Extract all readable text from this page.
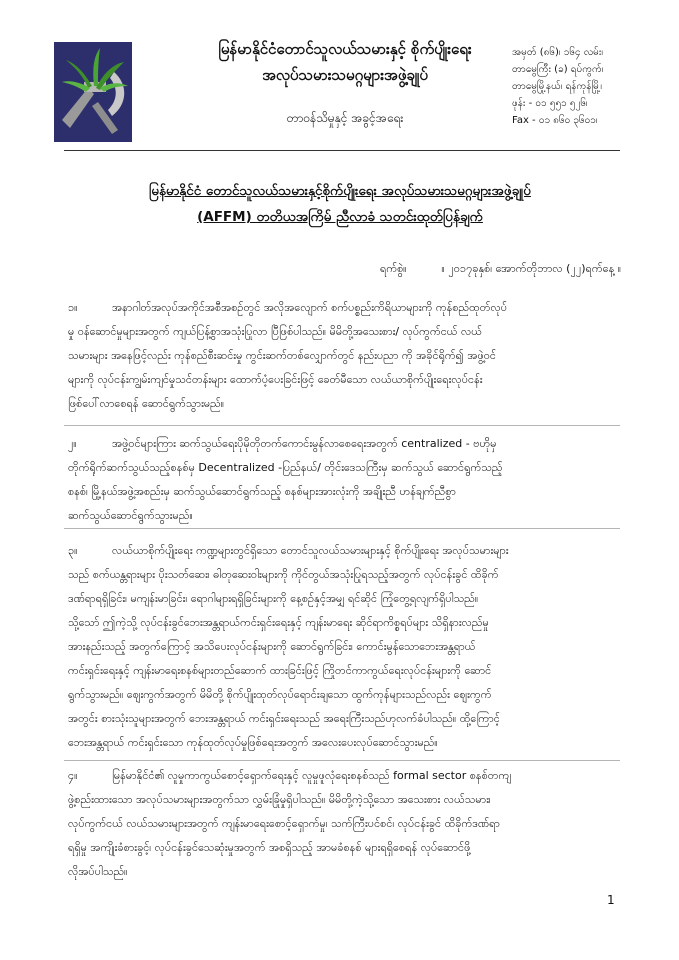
မြန်မာနိုင်ငံတောင်သူလယ်သမားနှင့် စိုက်ပျိုးရေး
အလုပ်သမားသမဂ္ဂများအဖွဲ့ချုပ်
တာဝန်သိမှုနှင့် အခွင့်အရေး
အမှတ် (၈၆)၊ ၁၆၄ လမ်း၊
တာမွေကြီး (ခ) ရပ်ကွက်၊
တာမွေမြို့နယ်၊ ရန်ကုန်မြို့၊
ဖုန်း - ၀၁ ၅၅၁ ၅၂၆၊
Fax - ၀၁ ၈၆၀ ၃၆၀၁၊
မြန်မာနိုင်ငံ တောင်သူလယ်သမားနှင့်စိုက်ပျိုးရေး အလုပ်သမားသမဂ္ဂများအဖွဲ့ချုပ်
(AFFM) တတိယအကြိမ် ညီလာခံ သတင်းထုတ်ပြန်ချက်
ရက်စွဲ။	။ ၂၀၁၇ခုနှစ်၊ အောက်တိုဘာလ (၂၂)ရက်နေ့ ။
၁။	အနာဂါတ်အလုပ်အကိုင်အစီအစဉ်တွင် အလိုအလျောက် စက်ပစ္စည်းကိရိယာများကို ကုန်စည်ထုတ်လုပ်
မှု ဝန်ဆောင်မှုများအတွက် ကျယ်ပြန့်စွာအသုံးပြုလာ ပြီဖြစ်ပါသည်။ မိမိတို့အသေးစား/ လုပ်ကွက်ငယ် လယ်
သမားများ အနေဖြင့်လည်း ကုန်စည်စီးဆင်းမှု ကွင်းဆက်တစ်လျှောက်တွင် နည်းပညာ ကို အခိုင်ရိုက်၍ အဖွဲ့ဝင်
များကို လုပ်ငန်းကျွမ်းကျင်မှုသင်တန်းများ ထောက်ပံ့ပေးခြင်းဖြင့် ခေတ်မီသော လယ်ယာစိုက်ပျိုးရေးလုပ်ငန်း
ဖြစ်ပေါ်လာစေရန် ဆောင်ရွက်သွားမည်။
၂။	အဖွဲ့ဝင်များကြား ဆက်သွယ်ရေးပိုမိုတိုတက်ကောင်းမွန်လာစေရေးအတွက် centralized - ဗဟိုမှ
တိုက်ရိုက်ဆက်သွယ်သည့်စနစ်မှ Decentralized -ပြည်နယ်/ တိုင်းဒေသကြီးမှ ဆက်သွယ် ဆောင်ရွက်သည့်
စနစ်၊ မြို့နယ်အဖွဲ့အစည်းမှ ဆက်သွယ်ဆောင်ရွက်သည့် စနစ်များအားလုံးကို အချိုးညီ ဟန်ချက်ညီစွာ
ဆက်သွယ်ဆောင်ရွက်သွားမည်။
၃။	လယ်ယာစိုက်ပျိုးရေး ကဏ္ဍများတွင်ရှိသော တောင်သူလယ်သမားများနှင့် စိုက်ပျိုးရေး အလုပ်သမားများ
သည် စက်ယန္တရားများ ပိုးသတ်ဆေး၊ ဓါတုဆေးဝါးများကို ကိုင်တွယ်အသုံးပြုရသည့်အတွက် လုပ်ငန်းခွင် ထိခိုက်
ဒဏ်ရာရရှိခြင်း၊ မကျန်းမာခြင်း၊ ရောဂါများရရှိခြင်းများကို နေ့စဉ်နှင့်အမျှ ရင်ဆိုင် ကြုံတွေ့ရလျက်ရှိပါသည်။
သို့သော် ဤကဲ့သို့ လုပ်ငန်းခွင်ဘေးအန္တရာယ်ကင်းရှင်းရေးနှင့် ကျန်းမာရေး ဆိုင်ရာကိစ္စရပ်များ သိရှိနားလည်မှု
အားနည်းသည့် အတွက်ကြောင့် အသိပေးလုပ်ငန်းများကို ဆောင်ရွက်ခြင်း၊ ကောင်းမွန်သောဘေးအန္တရာယ်
ကင်းရှင်းရေးနှင့် ကျန်းမာရေးစနစ်များတည်ဆောက် ထားခြင်းဖြင့် ကြိုတင်ကာကွယ်ရေးလုပ်ငန်းများကို ဆောင်
ရွက်သွားမည်။ ဈေးကွက်အတွက် မိမိတို့ စိုက်ပျိုးထုတ်လုပ်ရောင်းချသော ထွက်ကုန်များသည်လည်း ဈေးကွက်
အတွင်း စားသုံးသူများအတွက် ဘေးအန္တရာယ် ကင်းရှင်းရေးသည် အရေးကြီးသည်ဟုလက်ခံပါသည်။ ထို့ကြောင့်
ဘေးအန္တရာယ် ကင်းရှင်းသော ကုန်ထုတ်လုပ်မှုဖြစ်ရေးအတွက် အလေးပေးလုပ်ဆောင်သွားမည်။
၄။	မြန်မာနိုင်ငံ၏ လူမှုကာကွယ်စောင့်ရှောက်ရေးနှင့် လူမှုဖူလုံရေးစနစ်သည် formal sector စနစ်တကျ
ဖွဲ့စည်းထားသော အလုပ်သမားများအတွက်သာ လွှမ်းခြုံမှုရှိပါသည်။ မိမိတို့ကဲ့သို့သော အသေးစား လယ်သမား၊
လုပ်ကွက်ငယ် လယ်သမားများအတွက် ကျန်းမာရေးစောင့်ရှောက်မှု၊ သက်ကြီးပင်စင်၊ လုပ်ငန်းခွင် ထိခိုက်ဒဏ်ရာ
ရရှိမှု အကျိုးခံစားခွင့်၊ လုပ်ငန်းခွင်သေဆုံးမှုအတွက် အစရှိသည့် အာမခံစနစ် များရရှိစေရန် လုပ်ဆောင်ဖို့
လိုအပ်ပါသည်။
1
